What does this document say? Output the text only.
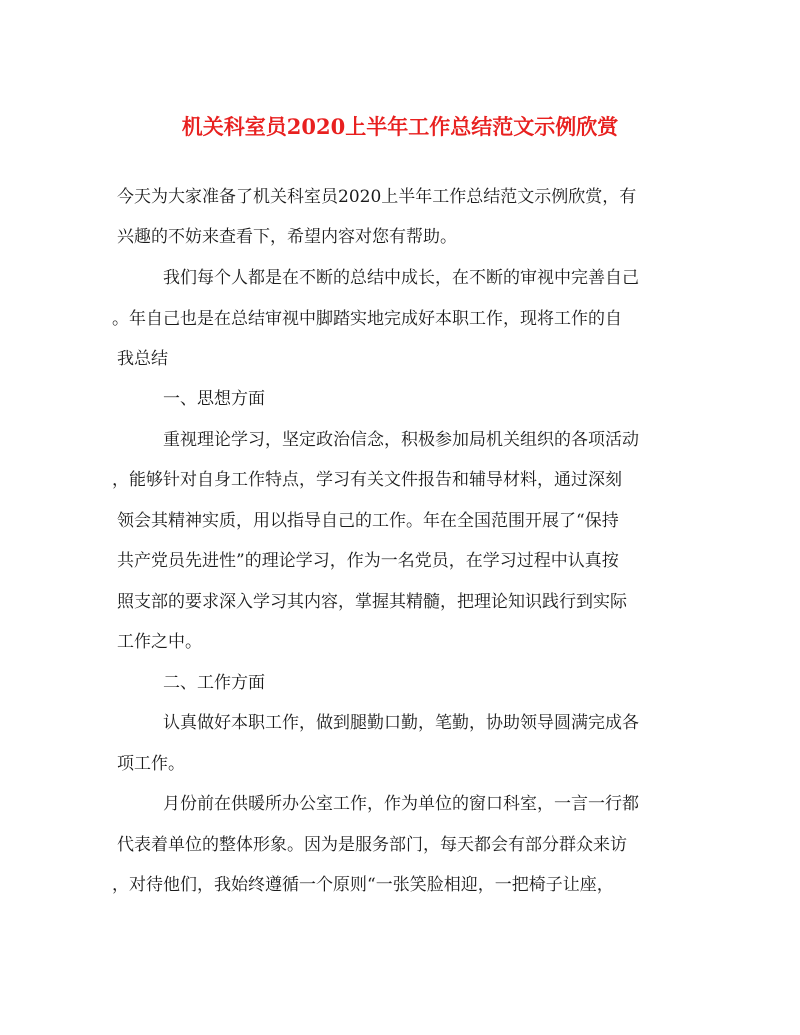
机关科室员2020上半年工作总结范文示例欣赏

今天为大家准备了机关科室员2020上半年工作总结范文示例欣赏，有

兴趣的不妨来查看下，希望内容对您有帮助。

我们每个人都是在不断的总结中成长，在不断的审视中完善自己

。年自己也是在总结审视中脚踏实地完成好本职工作，现将工作的自

我总结

一、思想方面

重视理论学习，坚定政治信念，积极参加局机关组织的各项活动

，能够针对自身工作特点，学习有关文件报告和辅导材料，通过深刻

领会其精神实质，用以指导自己的工作。年在全国范围开展了“保持

共产党员先进性”的理论学习，作为一名党员，在学习过程中认真按

照支部的要求深入学习其内容，掌握其精髓，把理论知识践行到实际

工作之中。

二、工作方面

认真做好本职工作，做到腿勤口勤，笔勤，协助领导圆满完成各

项工作。

月份前在供暖所办公室工作，作为单位的窗口科室，一言一行都

代表着单位的整体形象。因为是服务部门，每天都会有部分群众来访

，对待他们，我始终遵循一个原则“一张笑脸相迎，一把椅子让座，
